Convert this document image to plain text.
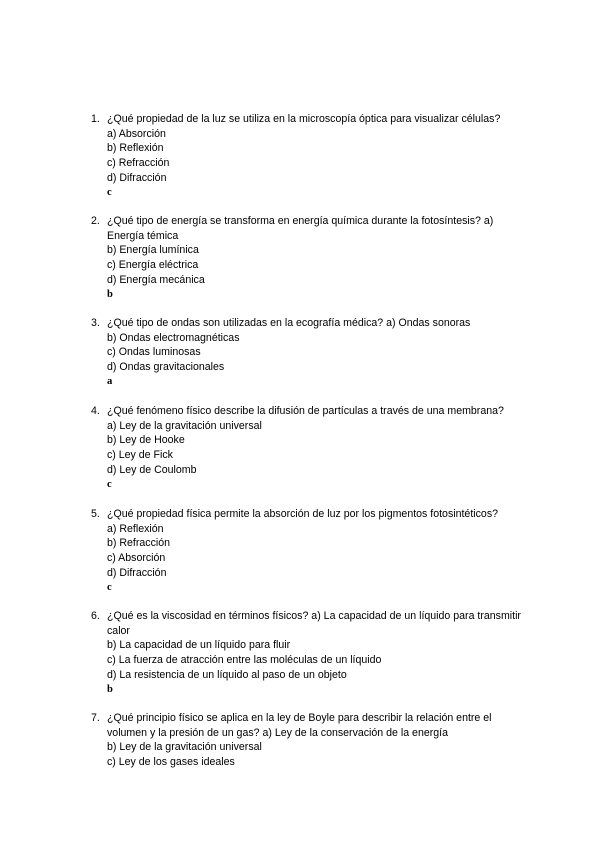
1. ¿Qué propiedad de la luz se utiliza en la microscopía óptica para visualizar células?
a) Absorción
b) Reflexión
c) Refracción
d) Difracción
c
2. ¿Qué tipo de energía se transforma en energía química durante la fotosíntesis? a) Energía témica
b) Energía lumínica
c) Energía eléctrica
d) Energía mecánica
b
3. ¿Qué tipo de ondas son utilizadas en la ecografía médica? a) Ondas sonoras
b) Ondas electromagnéticas
c) Ondas luminosas
d) Ondas gravitacionales
a
4. ¿Qué fenómeno físico describe la difusión de partículas a través de una membrana?
a) Ley de la gravitación universal
b) Ley de Hooke
c) Ley de Fick
d) Ley de Coulomb
c
5. ¿Qué propiedad física permite la absorción de luz por los pigmentos fotosintéticos?
a) Reflexión
b) Refracción
c) Absorción
d) Difracción
c
6. ¿Qué es la viscosidad en términos físicos? a) La capacidad de un líquido para transmitir calor
b) La capacidad de un líquido para fluir
c) La fuerza de atracción entre las moléculas de un líquido
d) La resistencia de un líquido al paso de un objeto
b
7. ¿Qué principio físico se aplica en la ley de Boyle para describir la relación entre el volumen y la presión de un gas? a) Ley de la conservación de la energía
b) Ley de la gravitación universal
c) Ley de los gases ideales
